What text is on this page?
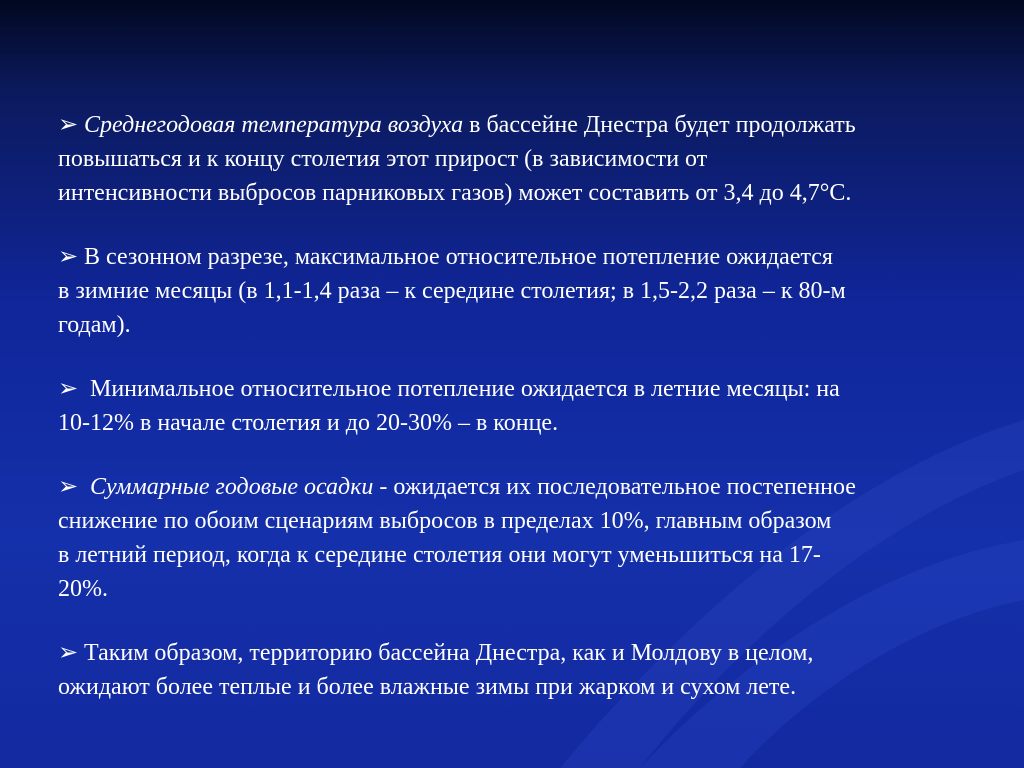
➢ Среднегодовая температура воздуха в бассейне Днестра будет продолжать
повышаться и к концу столетия этот прирост (в зависимости от
интенсивности выбросов парниковых газов) может составить от 3,4 до 4,7°С.

➢ В сезонном разрезе, максимальное относительное потепление ожидается
в зимние месяцы (в 1,1-1,4 раза – к середине столетия; в 1,5-2,2 раза – к 80-м
годам).

➢ Минимальное относительное потепление ожидается в летние месяцы: на
10-12% в начале столетия и до 20-30% – в конце.

➢ Суммарные годовые осадки - ожидается их последовательное постепенное
снижение по обоим сценариям выбросов в пределах 10%, главным образом
в летний период, когда к середине столетия они могут уменьшиться на 17-
20%.

➢ Таким образом, территорию бассейна Днестра, как и Молдову в целом,
ожидают более теплые и более влажные зимы при жарком и сухом лете.
